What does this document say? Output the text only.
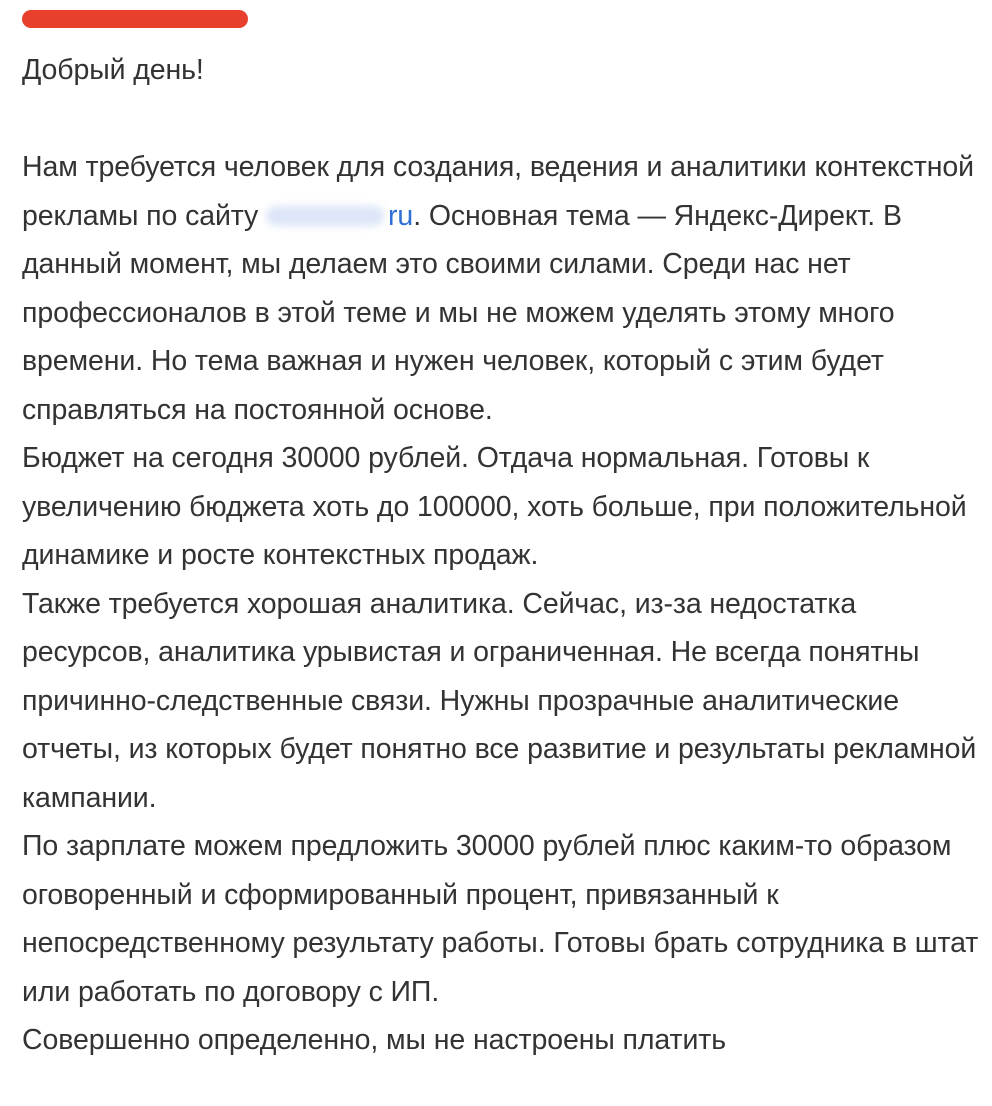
Добрый день!

Нам требуется человек для создания, ведения и аналитики контекстной рекламы по сайту	ru. Основная тема — Яндекс-Директ. В данный момент, мы делаем это своими силами. Среди нас нет профессионалов в этой теме и мы не можем уделять этому много времени. Но тема важная и нужен человек, который с этим будет справляться на постоянной основе.

Бюджет на сегодня 30000 рублей. Отдача нормальная. Готовы к увеличению бюджета хоть до 100000, хоть больше, при положительной динамике и росте контекстных продаж.

Также требуется хорошая аналитика. Сейчас, из-за недостатка ресурсов, аналитика урывистая и ограниченная. Не всегда понятны причинно-следственные связи. Нужны прозрачные аналитические отчеты, из которых будет понятно все развитие и результаты рекламной кампании.

По зарплате можем предложить 30000 рублей плюс каким-то образом оговоренный и сформированный процент, привязанный к непосредственному результату работы. Готовы брать сотрудника в штат или работать по договору с ИП.

Совершенно определенно, мы не настроены платить
